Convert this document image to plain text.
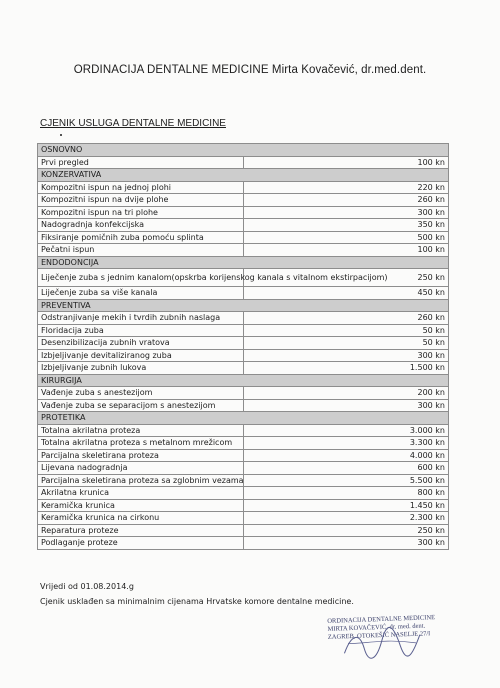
ORDINACIJA DENTALNE MEDICINE Mirta Kovačević, dr.med.dent.
CJENIK USLUGA DENTALNE MEDICINE
OSNOVNO	
Prvi pregled	100 kn
KONZERVATIVA	
Kompozitni ispun na jednoj plohi	220 kn
Kompozitni ispun na dvije plohe	260 kn
Kompozitni ispun na tri plohe	300 kn
Nadogradnja konfekcijska	350 kn
Fiksiranje pomičnih zuba pomoću splinta	500 kn
Pečatni ispun	100 kn
ENDODONCIJA	
Liječenje zuba s jednim kanalom(opskrba korijenskog kanala s vitalnom ekstirpacijom)	250 kn
Liječenje zuba sa više kanala	450 kn
PREVENTIVA	
Odstranjivanje mekih i tvrdih zubnih naslaga	260 kn
Floridacija zuba	50 kn
Desenzibilizacija zubnih vratova	50 kn
Izbjeljivanje devitaliziranog zuba	300 kn
Izbjeljivanje zubnih lukova	1.500 kn
KIRURGIJA	
Vađenje zuba s anestezijom	200 kn
Vađenje zuba se separacijom s anestezijom	300 kn
PROTETIKA	
Totalna akrilatna proteza	3.000 kn
Totalna akrilatna proteza s metalnom mrežicom	3.300 kn
Parcijalna skeletirana proteza	4.000 kn
Lijevana nadogradnja	600 kn
Parcijalna skeletirana proteza sa zglobnim vezama	5.500 kn
Akrilatna krunica	800 kn
Keramička krunica	1.450 kn
Keramička krunica na cirkonu	2.300 kn
Reparatura proteze	250 kn
Podlaganje proteze	300 kn
Vrijedi od 01.08.2014.g
Cjenik usklađen sa minimalnim cijenama Hrvatske komore dentalne medicine.
ORDINACIJA DENTALNE MEDICINE
MIRTA KOVAČEVIĆ, dr. med. dent.
ZAGREB, OTOKEŠIĆ NASELJE 27/I
